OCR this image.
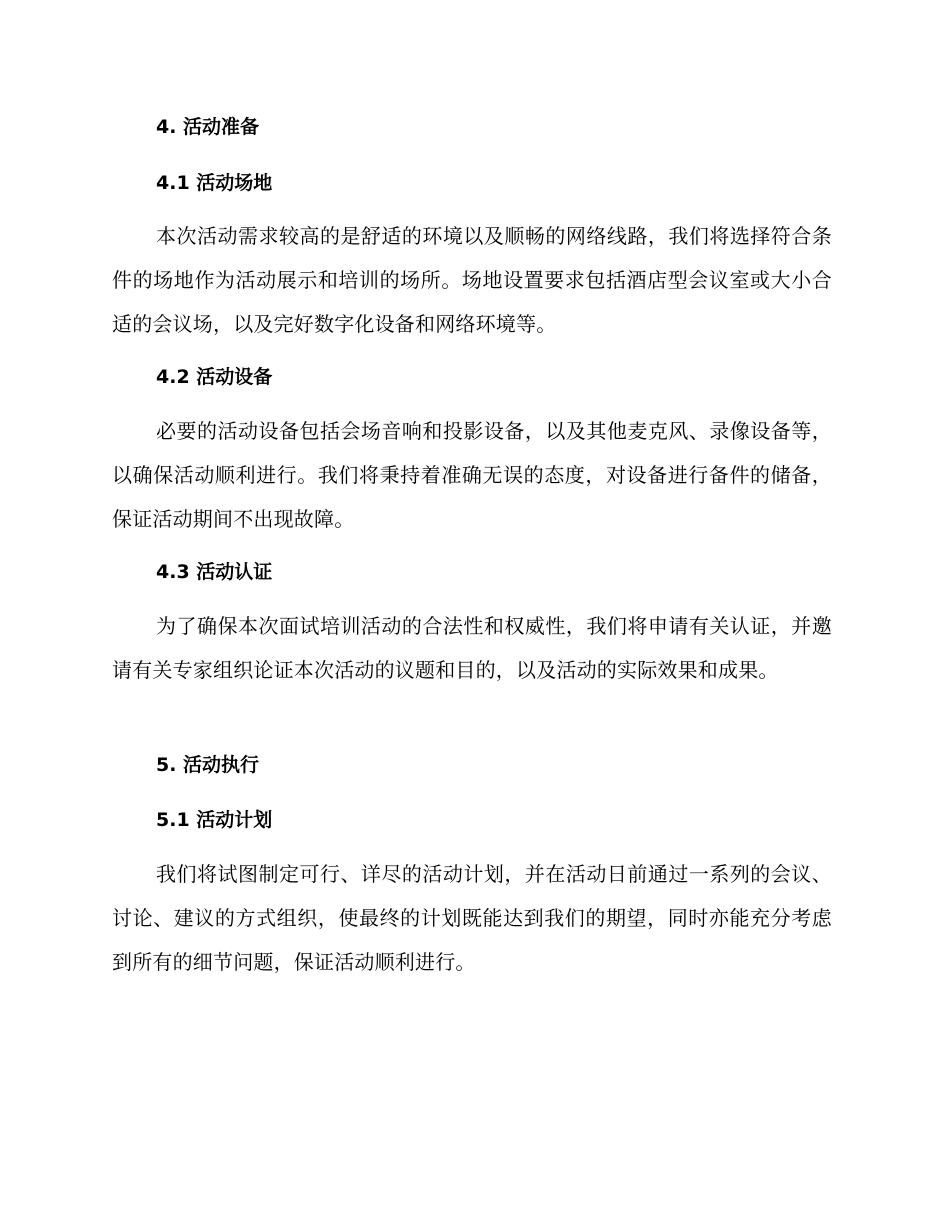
4. 活动准备
4.1 活动场地
本次活动需求较高的是舒适的环境以及顺畅的网络线路，我们将选择符合条件的场地作为活动展示和培训的场所。场地设置要求包括酒店型会议室或大小合适的会议场，以及完好数字化设备和网络环境等。
4.2 活动设备
必要的活动设备包括会场音响和投影设备，以及其他麦克风、录像设备等，以确保活动顺利进行。我们将秉持着准确无误的态度，对设备进行备件的储备，保证活动期间不出现故障。
4.3 活动认证
为了确保本次面试培训活动的合法性和权威性，我们将申请有关认证，并邀请有关专家组织论证本次活动的议题和目的，以及活动的实际效果和成果。
5. 活动执行
5.1 活动计划
我们将试图制定可行、详尽的活动计划，并在活动日前通过一系列的会议、讨论、建议的方式组织，使最终的计划既能达到我们的期望，同时亦能充分考虑到所有的细节问题，保证活动顺利进行。
